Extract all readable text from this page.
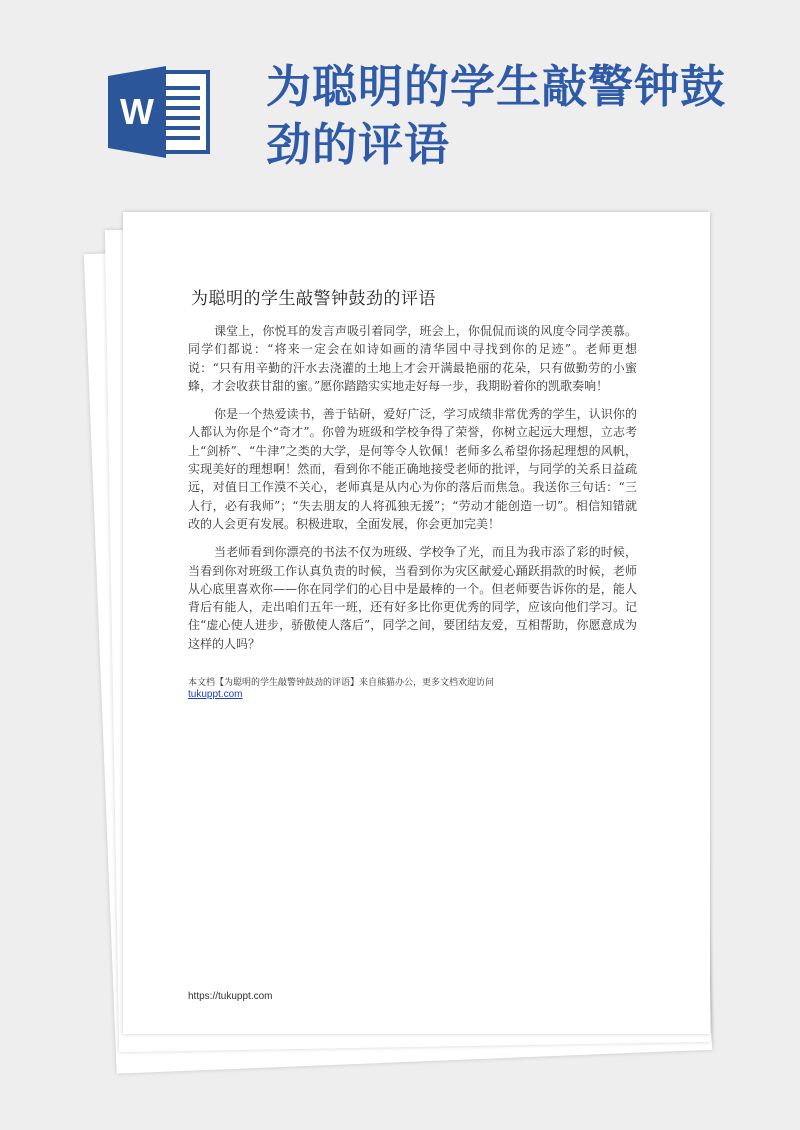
W 为聪明的学生敲警钟鼓劲的评语
为聪明的学生敲警钟鼓劲的评语

课堂上，你悦耳的发言声吸引着同学，班会上，你侃侃而谈的风度令同学羡慕。同学们都说：“将来一定会在如诗如画的清华园中寻找到你的足迹”。老师更想说：“只有用辛勤的汗水去浇灌的土地上才会开满最艳丽的花朵，只有做勤劳的小蜜蜂，才会收获甘甜的蜜。”愿你踏踏实实地走好每一步，我期盼着你的凯歌奏响！

你是一个热爱读书，善于钻研，爱好广泛，学习成绩非常优秀的学生，认识你的人都认为你是个“奇才”。你曾为班级和学校争得了荣誉，你树立起远大理想，立志考上“剑桥”、“牛津”之类的大学，是何等令人钦佩！老师多么希望你扬起理想的风帆，实现美好的理想啊！然而，看到你不能正确地接受老师的批评，与同学的关系日益疏远，对值日工作漠不关心，老师真是从内心为你的落后而焦急。我送你三句话：“三人行，必有我师”；“失去朋友的人将孤独无援”；“劳动才能创造一切”。相信知错就改的人会更有发展。积极进取，全面发展，你会更加完美！

当老师看到你漂亮的书法不仅为班级、学校争了光，而且为我市添了彩的时候，当看到你对班级工作认真负责的时候，当看到你为灾区献爱心踊跃捐款的时候，老师从心底里喜欢你——你在同学们的心目中是最棒的一个。但老师要告诉你的是，能人背后有能人，走出咱们五年一班，还有好多比你更优秀的同学，应该向他们学习。记住“虚心使人进步，骄傲使人落后”，同学之间，要团结友爱，互相帮助，你愿意成为这样的人吗？

本文档【为聪明的学生敲警钟鼓劲的评语】来自熊猫办公，更多文档欢迎访问
tukuppt.com
https://tukuppt.com
